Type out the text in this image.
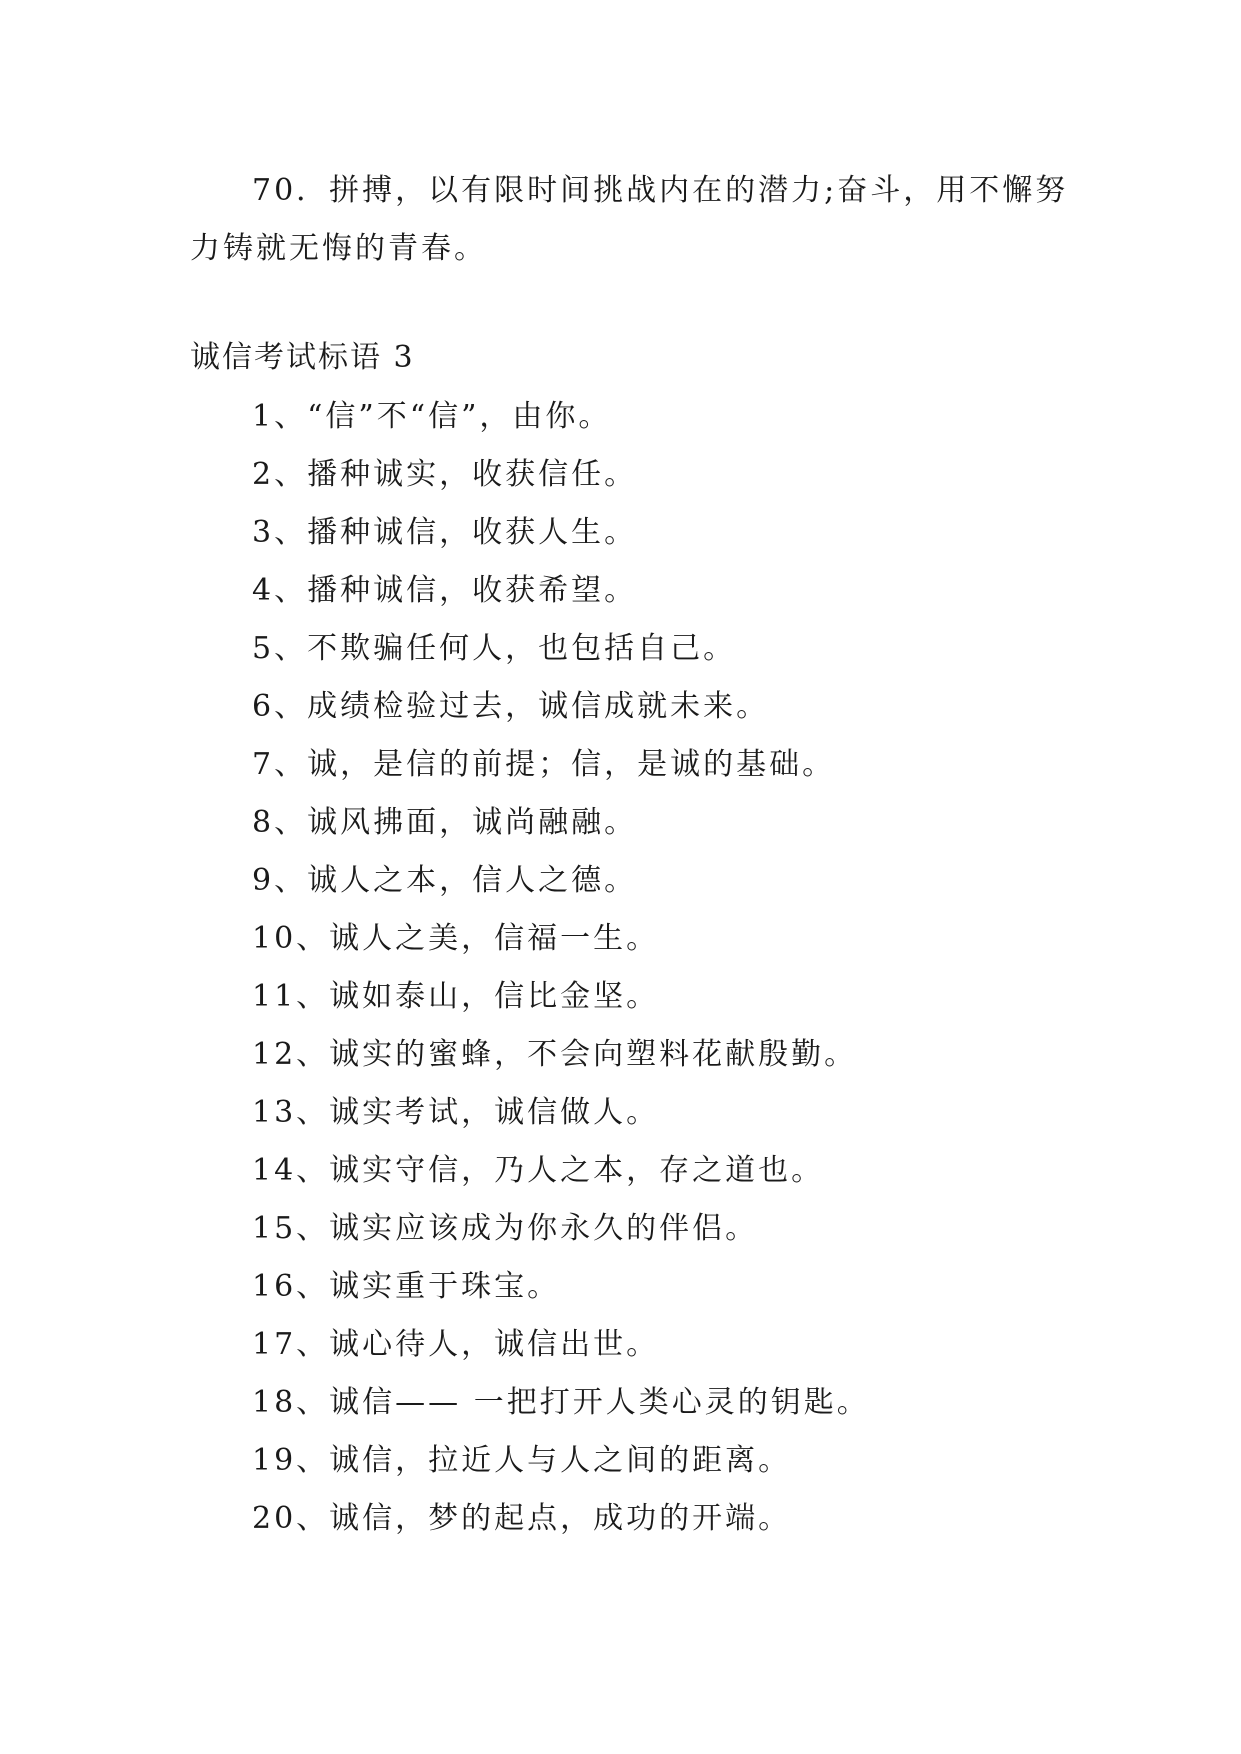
70．拼搏，以有限时间挑战内在的潜力;奋斗，用不懈努力铸就无悔的青春。

诚信考试标语 3
1、“信”不“信”，由你。
2、播种诚实，收获信任。
3、播种诚信，收获人生。
4、播种诚信，收获希望。
5、不欺骗任何人，也包括自己。
6、成绩检验过去，诚信成就未来。
7、诚，是信的前提；信，是诚的基础。
8、诚风拂面，诚尚融融。
9、诚人之本，信人之德。
10、诚人之美，信福一生。
11、诚如泰山，信比金坚。
12、诚实的蜜蜂，不会向塑料花献殷勤。
13、诚实考试，诚信做人。
14、诚实守信，乃人之本，存之道也。
15、诚实应该成为你永久的伴侣。
16、诚实重于珠宝。
17、诚心待人，诚信出世。
18、诚信—— 一把打开人类心灵的钥匙。
19、诚信，拉近人与人之间的距离。
20、诚信，梦的起点，成功的开端。
